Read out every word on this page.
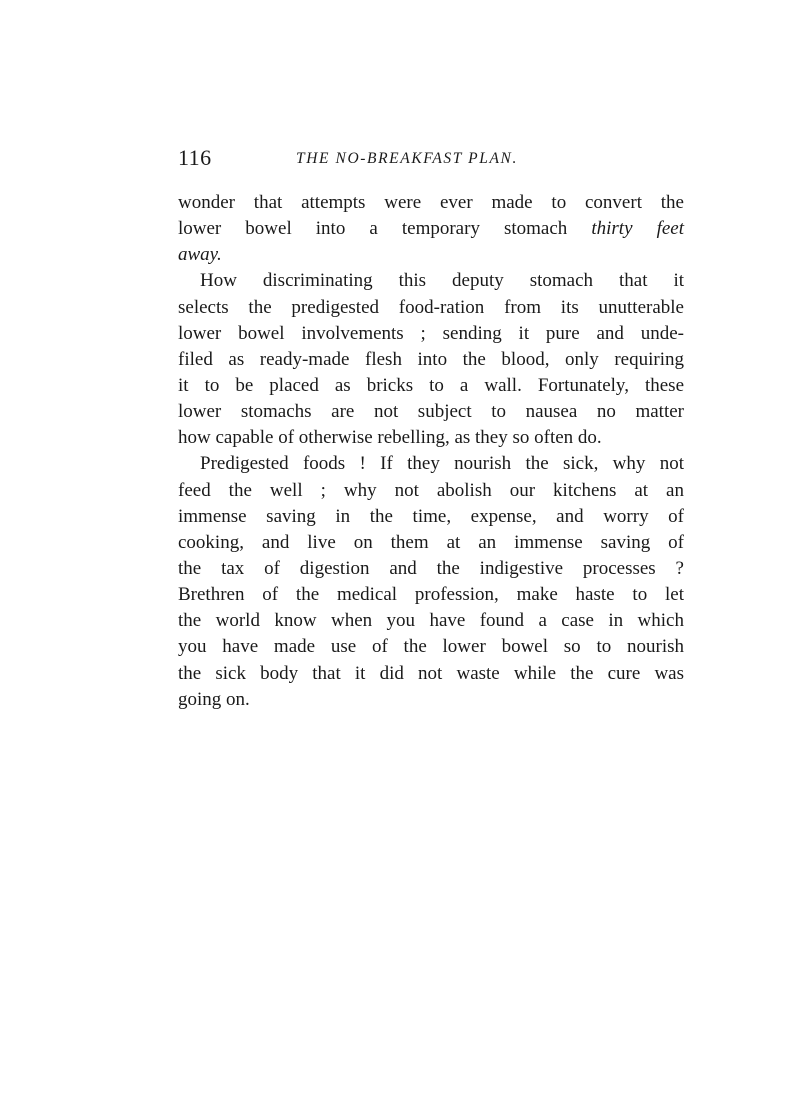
116	THE NO-BREAKFAST PLAN.
wonder that attempts were ever made to convert the
lower bowel into a temporary stomach thirty feet
away.
How discriminating this deputy stomach that it
selects the predigested food-ration from its unutterable
lower bowel involvements ; sending it pure and unde-
filed as ready-made flesh into the blood, only requiring
it to be placed as bricks to a wall. Fortunately, these
lower stomachs are not subject to nausea no matter
how capable of otherwise rebelling, as they so often do.
Predigested foods ! If they nourish the sick, why not
feed the well ; why not abolish our kitchens at an
immense saving in the time, expense, and worry of
cooking, and live on them at an immense saving of
the tax of digestion and the indigestive processes ?
Brethren of the medical profession, make haste to let
the world know when you have found a case in which
you have made use of the lower bowel so to nourish
the sick body that it did not waste while the cure was
going on.
